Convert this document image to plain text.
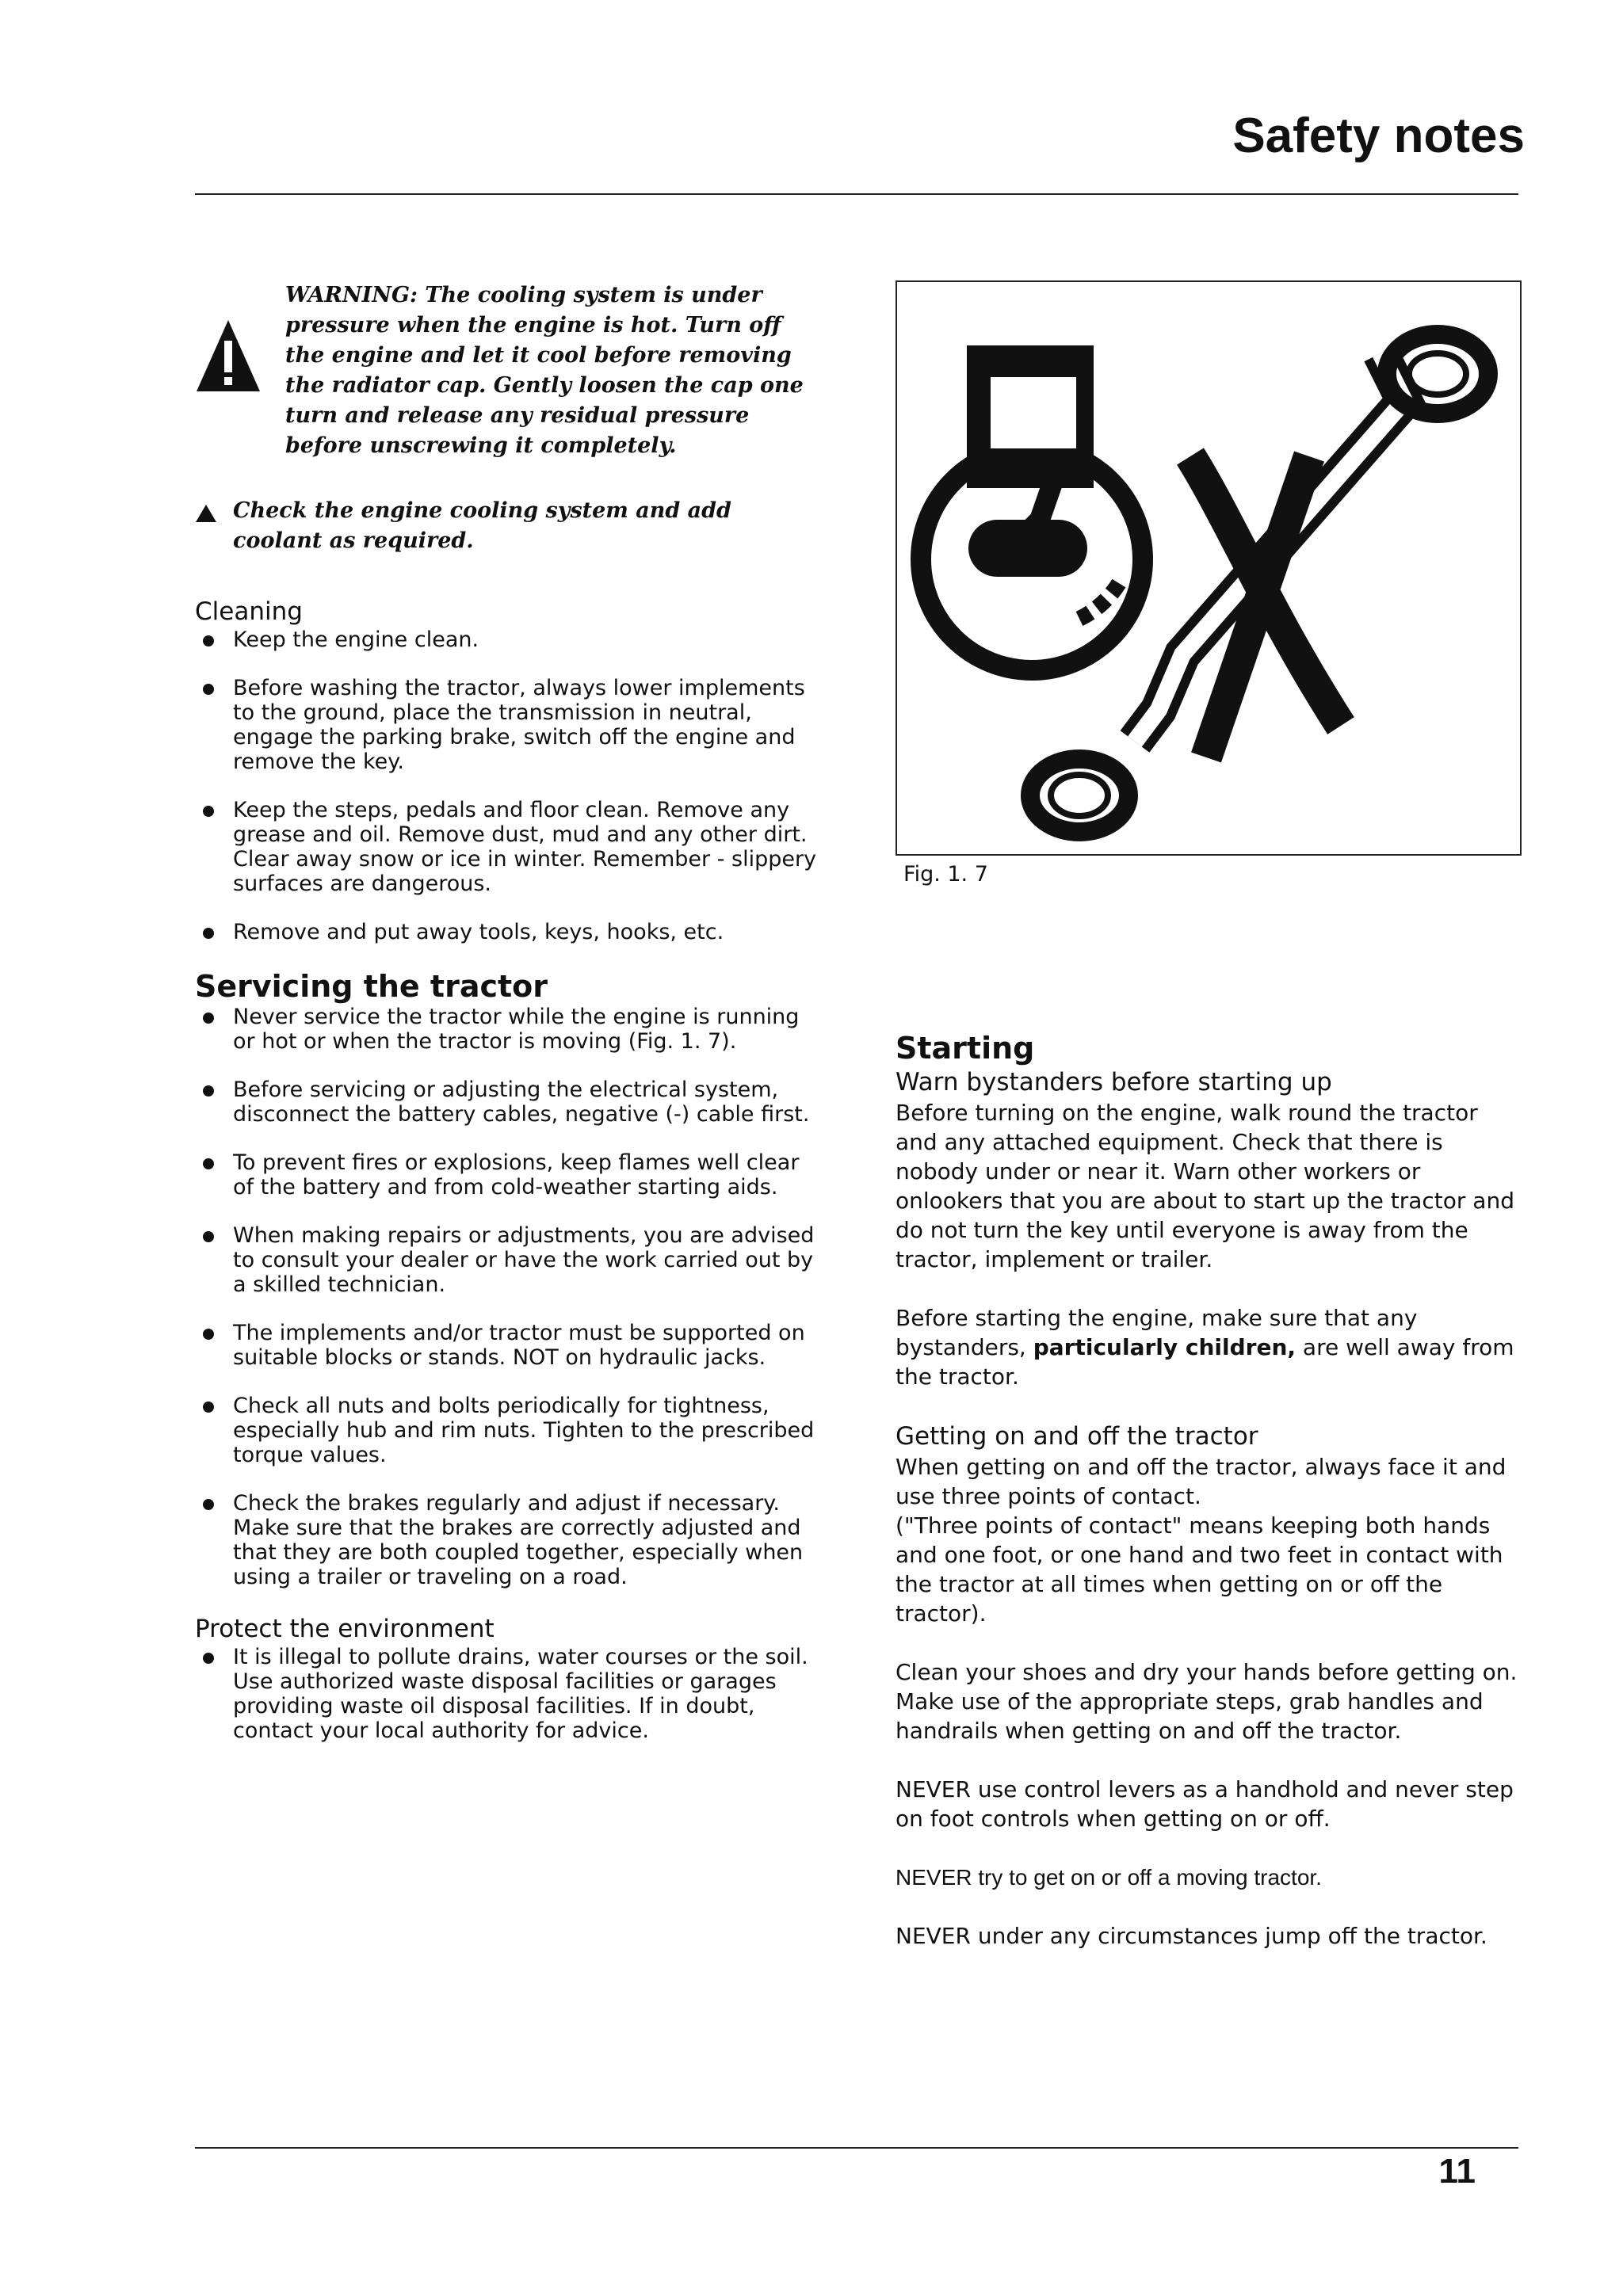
Safety notes

WARNING: The cooling system is under pressure when the engine is hot. Turn off the engine and let it cool before removing the radiator cap. Gently loosen the cap one turn and release any residual pressure before unscrewing it completely.

Check the engine cooling system and add coolant as required.

Cleaning
Keep the engine clean.
Before washing the tractor, always lower implements to the ground, place the transmission in neutral, engage the parking brake, switch off the engine and remove the key.
Keep the steps, pedals and floor clean. Remove any grease and oil. Remove dust, mud and any other dirt. Clear away snow or ice in winter. Remember - slippery surfaces are dangerous.
Remove and put away tools, keys, hooks, etc.
Servicing the tractor
Never service the tractor while the engine is running or hot or when the tractor is moving (Fig. 1. 7).
Before servicing or adjusting the electrical system, disconnect the battery cables, negative (-) cable first.
To prevent fires or explosions, keep flames well clear of the battery and from cold-weather starting aids.
When making repairs or adjustments, you are advised to consult your dealer or have the work carried out by a skilled technician.
The implements and/or tractor must be supported on suitable blocks or stands. NOT on hydraulic jacks.
Check all nuts and bolts periodically for tightness, especially hub and rim nuts. Tighten to the prescribed torque values.
Check the brakes regularly and adjust if necessary. Make sure that the brakes are correctly adjusted and that they are both coupled together, especially when using a trailer or traveling on a road.
Protect the environment
It is illegal to pollute drains, water courses or the soil. Use authorized waste disposal facilities or garages providing waste oil disposal facilities. If in doubt, contact your local authority for advice.

Fig. 1. 7

Starting
Warn bystanders before starting up

Before turning on the engine, walk round the tractor and any attached equipment. Check that there is nobody under or near it. Warn other workers or onlookers that you are about to start up the tractor and do not turn the key until everyone is away from the tractor, implement or trailer.

Before starting the engine, make sure that any bystanders, particularly children, are well away from the tractor.

Getting on and off the tractor

When getting on and off the tractor, always face it and use three points of contact.

("Three points of contact" means keeping both hands and one foot, or one hand and two feet in contact with the tractor at all times when getting on or off the tractor).

Clean your shoes and dry your hands before getting on. Make use of the appropriate steps, grab handles and handrails when getting on and off the tractor.

NEVER use control levers as a handhold and never step on foot controls when getting on or off.

NEVER try to get on or off a moving tractor.

NEVER under any circumstances jump off the tractor.

11
